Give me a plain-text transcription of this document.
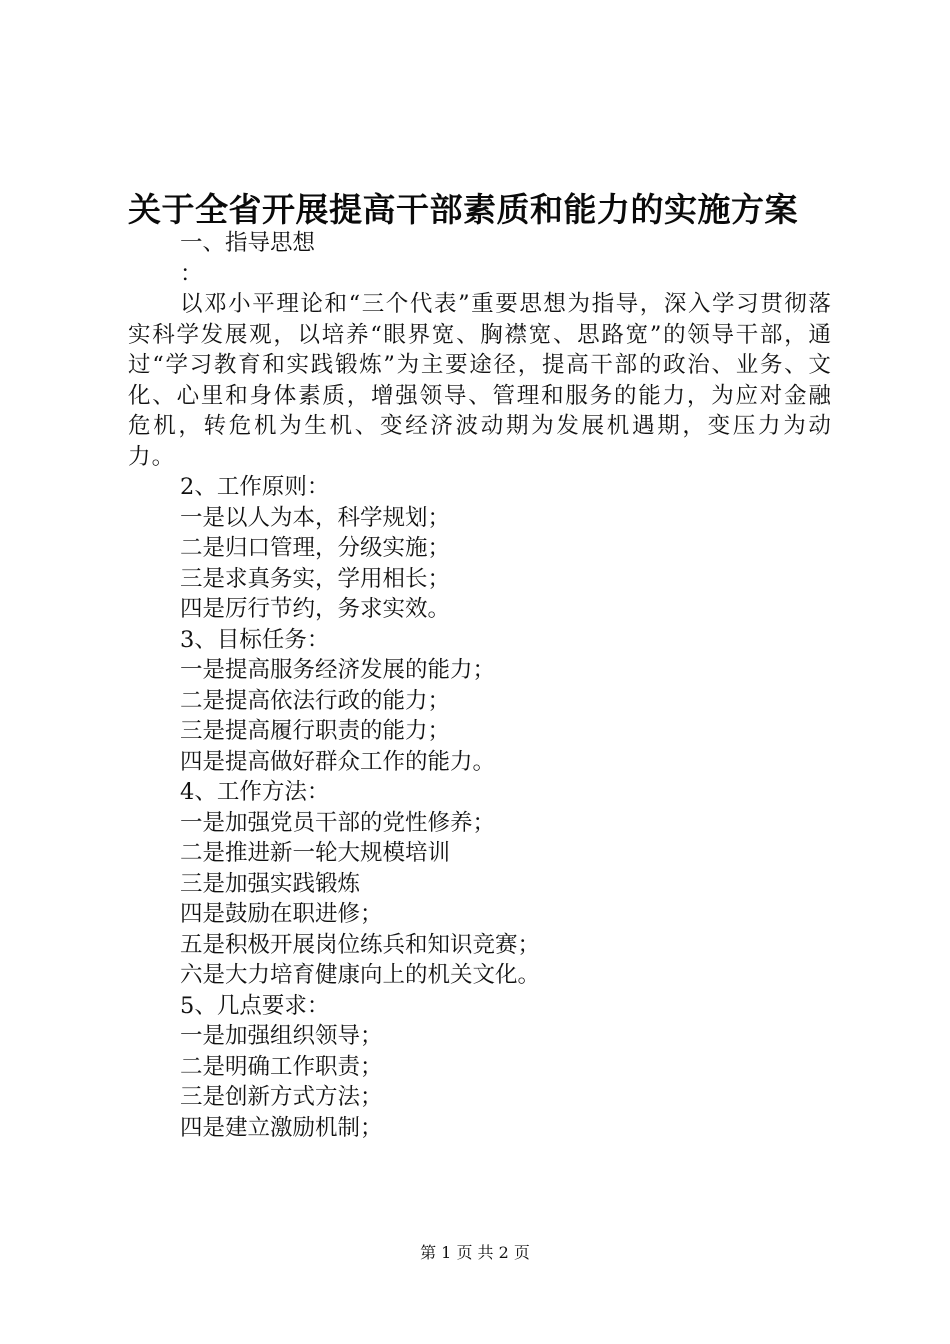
关于全省开展提高干部素质和能力的实施方案
一、指导思想
：

以邓小平理论和“三个代表”重要思想为指导，深入学习贯彻落实科学发展观，以培养“眼界宽、胸襟宽、思路宽”的领导干部，通过“学习教育和实践锻炼”为主要途径，提高干部的政治、业务、文化、心里和身体素质，增强领导、管理和服务的能力，为应对金融危机，转危机为生机、变经济波动期为发展机遇期，变压力为动力。

2、工作原则：
一是以人为本，科学规划；
二是归口管理，分级实施；
三是求真务实，学用相长；
四是厉行节约，务求实效。
3、目标任务：
一是提高服务经济发展的能力；
二是提高依法行政的能力；
三是提高履行职责的能力；
四是提高做好群众工作的能力。
4、工作方法：
一是加强党员干部的党性修养；
二是推进新一轮大规模培训
三是加强实践锻炼
四是鼓励在职进修；
五是积极开展岗位练兵和知识竞赛；
六是大力培育健康向上的机关文化。
5、几点要求：
一是加强组织领导；
二是明确工作职责；
三是创新方式方法；
四是建立激励机制；
第 1 页 共 2 页
